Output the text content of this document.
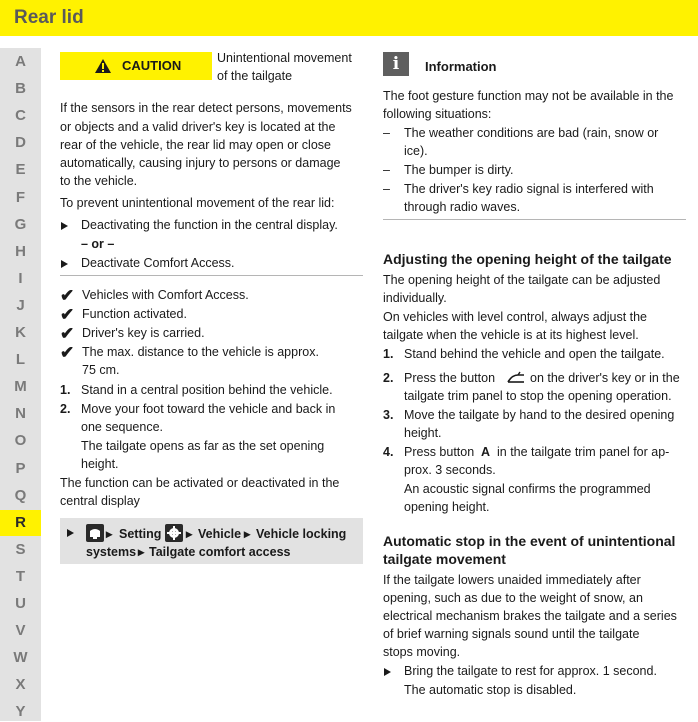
Rear lid
A
B
C
D
E
F
G
H
I
J
K
L
M
N
O
P
Q
R
S
T
U
V
W
X
Y
CAUTION	Unintentional movement
of the tailgate
If the sensors in the rear detect persons, movements
or objects and a valid driver's key is located at the
rear of the vehicle, the rear lid may open or close
automatically, causing injury to persons or damage
to the vehicle.
To prevent unintentional movement of the rear lid:
Deactivating the function in the central display.
– or –
Deactivate Comfort Access.
✔ Vehicles with Comfort Access.
✔ Function activated.
✔ Driver's key is carried.
✔ The max. distance to the vehicle is approx.
75 cm.
1. Stand in a central position behind the vehicle.
2. Move your foot toward the vehicle and back in
one sequence.
The tailgate opens as far as the set opening
height.
The function can be activated or deactivated in the
central display
▸ Setting ▸ Vehicle ▸ Vehicle locking
systems ▸ Tailgate comfort access
i	Information
The foot gesture function may not be available in the
following situations:
– The weather conditions are bad (rain, snow or
ice).
– The bumper is dirty.
– The driver's key radio signal is interfered with
through radio waves.
Adjusting the opening height of the tailgate
The opening height of the tailgate can be adjusted
individually.
On vehicles with level control, always adjust the
tailgate when the vehicle is at its highest level.
1. Stand behind the vehicle and open the tailgate.
2. Press the button	on the driver's key or in the
tailgate trim panel to stop the opening operation.
3. Move the tailgate by hand to the desired opening
height.
4. Press button A in the tailgate trim panel for ap-
prox. 3 seconds.
An acoustic signal confirms the programmed
opening height.
Automatic stop in the event of unintentional
tailgate movement
If the tailgate lowers unaided immediately after
opening, such as due to the weight of snow, an
electrical mechanism brakes the tailgate and a series
of brief warning signals sound until the tailgate
stops moving.
Bring the tailgate to rest for approx. 1 second.
The automatic stop is disabled.
